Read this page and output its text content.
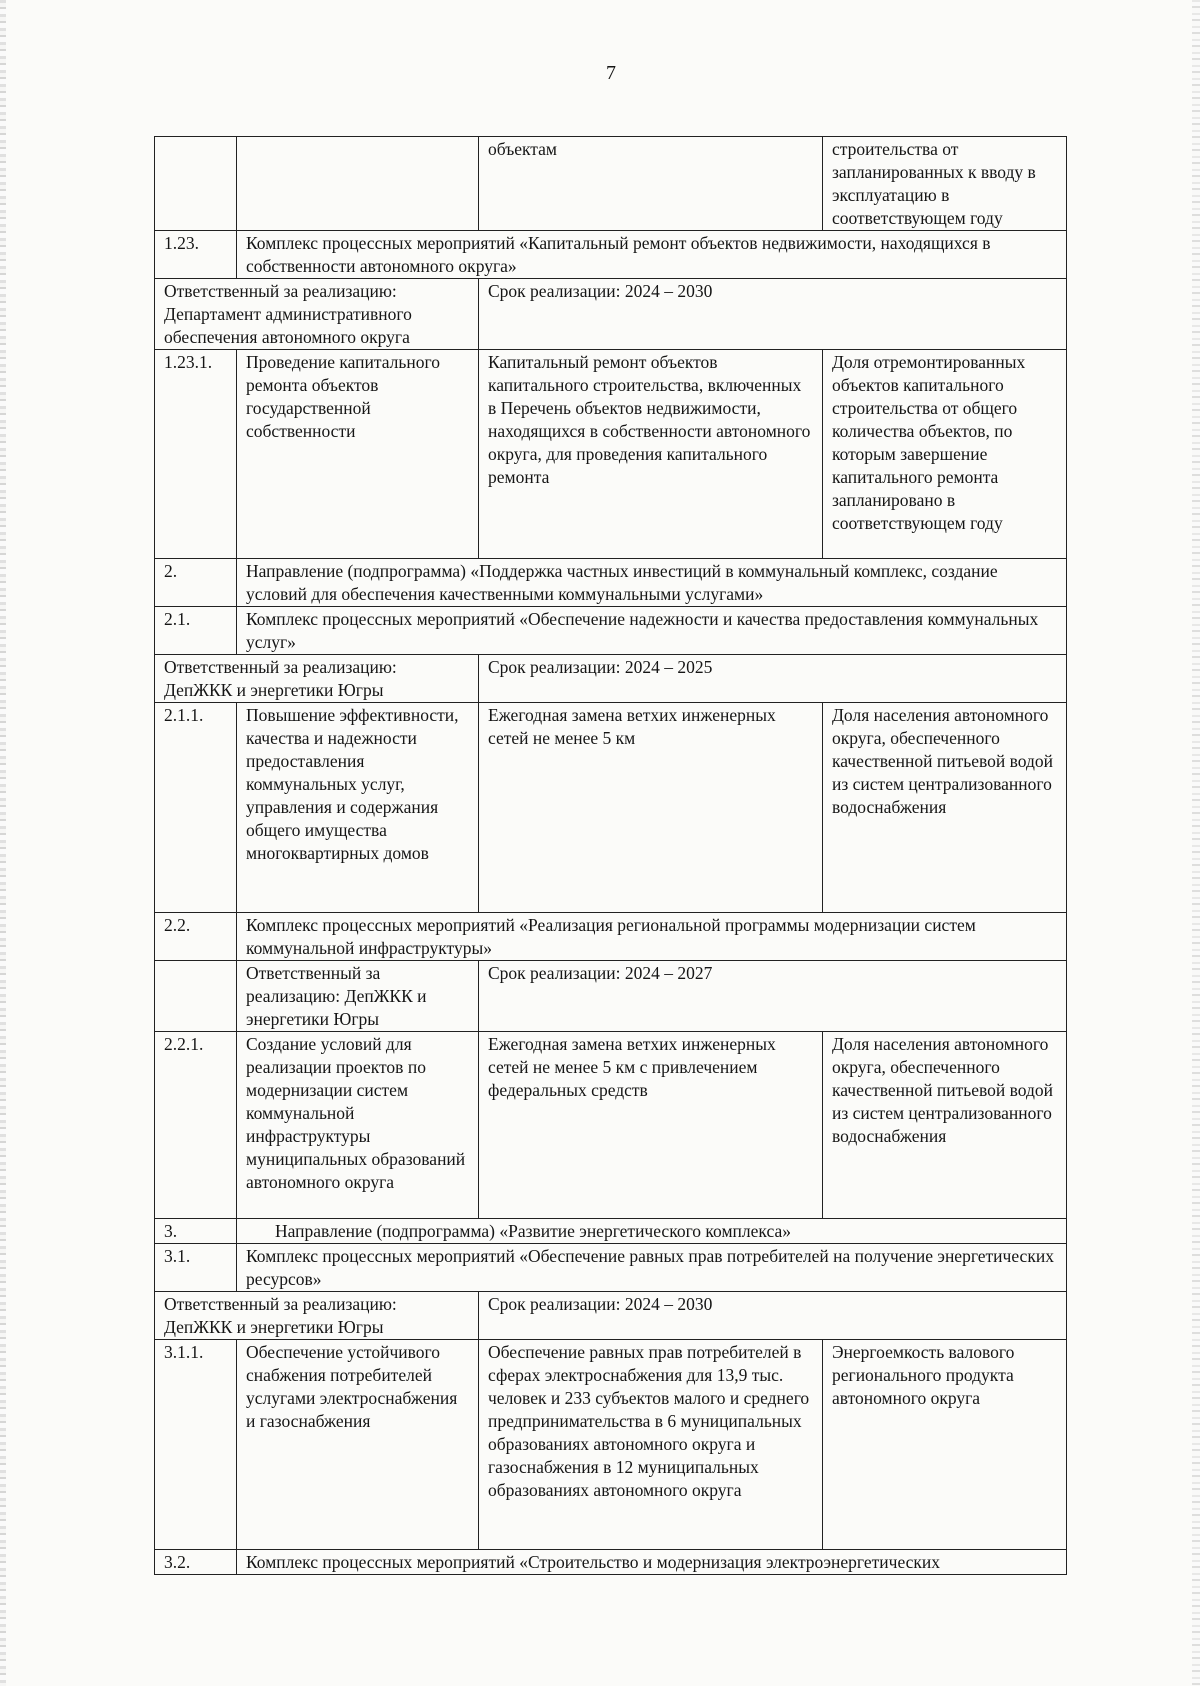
7
		объектам	строительства от запланированных к вводу в эксплуатацию в соответствующем году
1.23.	Комплекс процессных мероприятий «Капитальный ремонт объектов недвижимости, находящихся в собственности автономного округа»		
Ответственный за реализацию: Департамент административного обеспечения автономного округа		Срок реализации: 2024 – 2030	
1.23.1.	Проведение капитального ремонта объектов государственной собственности	Капитальный ремонт объектов капитального строительства, включенных в Перечень объектов недвижимости, находящихся в собственности автономного округа, для проведения капитального ремонта	Доля отремонтированных объектов капитального строительства от общего количества объектов, по которым завершение капитального ремонта запланировано в соответствующем году
2.	Направление (подпрограмма) «Поддержка частных инвестиций в коммунальный комплекс, создание условий для обеспечения качественными коммунальными услугами»		
2.1.	Комплекс процессных мероприятий «Обеспечение надежности и качества предоставления коммунальных услуг»		
Ответственный за реализацию: ДепЖКК и энергетики Югры		Срок реализации: 2024 – 2025	
2.1.1.	Повышение эффективности, качества и надежности предоставления коммунальных услуг, управления и содержания общего имущества многоквартирных домов	Ежегодная замена ветхих инженерных сетей не менее 5 км	Доля населения автономного округа, обеспеченного качественной питьевой водой из систем централизованного водоснабжения
2.2.	Комплекс процессных мероприятий «Реализация региональной программы модернизации систем коммунальной инфраструктуры»		
	Ответственный за реализацию: ДепЖКК и энергетики Югры	Срок реализации: 2024 – 2027	
2.2.1.	Создание условий для реализации проектов по модернизации систем коммунальной инфраструктуры муниципальных образований автономного округа	Ежегодная замена ветхих инженерных сетей не менее 5 км с привлечением федеральных средств	Доля населения автономного округа, обеспеченного качественной питьевой водой из систем централизованного водоснабжения
3.	Направление (подпрограмма) «Развитие энергетического комплекса»		
3.1.	Комплекс процессных мероприятий «Обеспечение равных прав потребителей на получение энергетических ресурсов»		
Ответственный за реализацию: ДепЖКК и энергетики Югры		Срок реализации: 2024 – 2030	
3.1.1.	Обеспечение устойчивого снабжения потребителей услугами электроснабжения и газоснабжения	Обеспечение равных прав потребителей в сферах электроснабжения для 13,9 тыс. человек и 233 субъектов малого и среднего предпринимательства в 6 муниципальных образованиях автономного округа и газоснабжения в 12 муниципальных образованиях автономного округа	Энергоемкость валового регионального продукта автономного округа
3.2.	Комплекс процессных мероприятий «Строительство и модернизация электроэнергетических		
